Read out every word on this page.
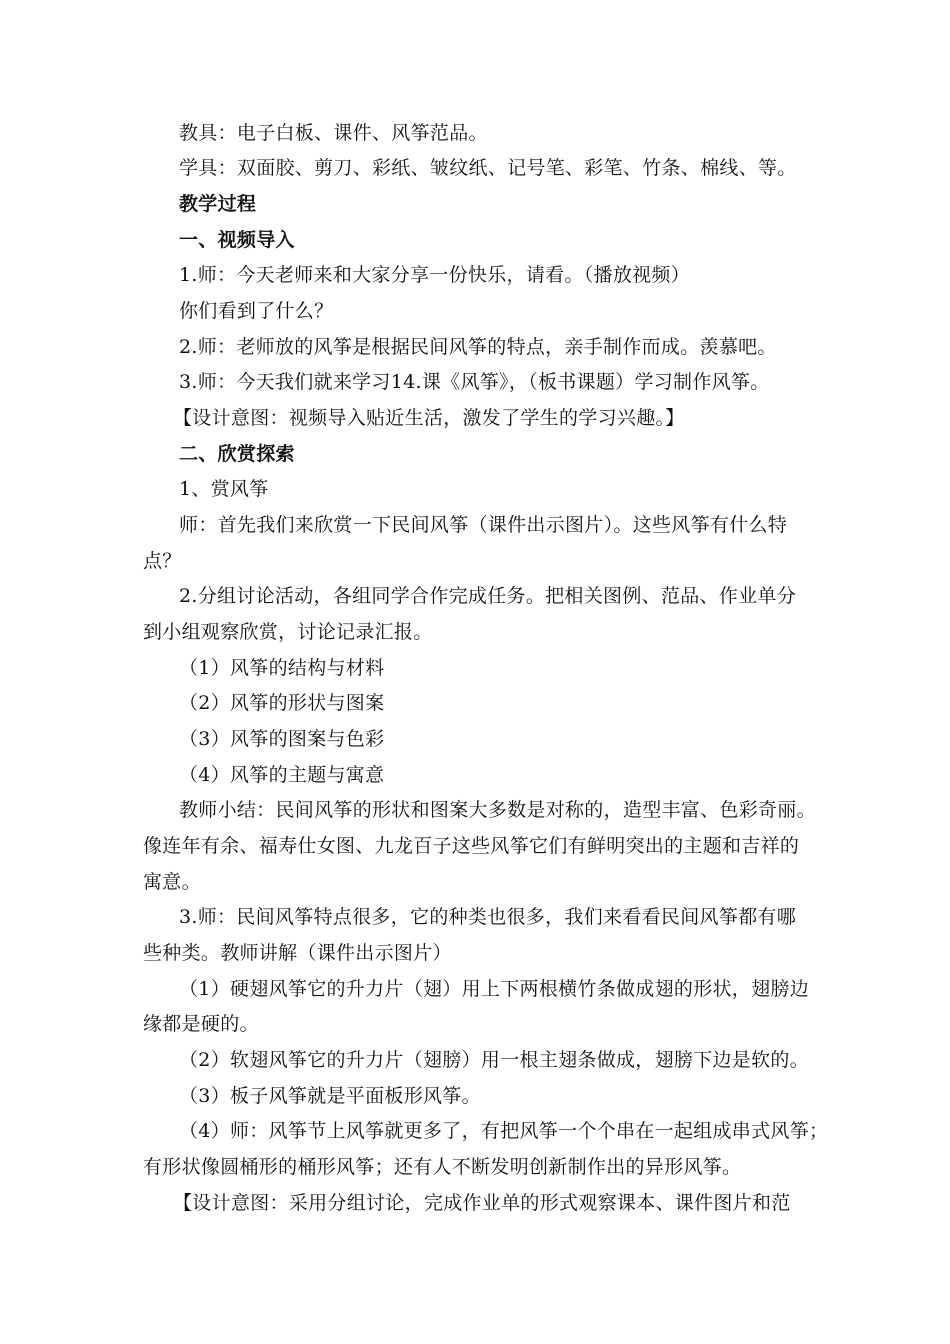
教具：电子白板、课件、风筝范品。
学具：双面胶、剪刀、彩纸、皱纹纸、记号笔、彩笔、竹条、棉线、等。
教学过程
一、视频导入
1.师：今天老师来和大家分享一份快乐，请看。（播放视频）
你们看到了什么？
2.师：老师放的风筝是根据民间风筝的特点，亲手制作而成。羡慕吧。
3.师：今天我们就来学习14.课《风筝》，（板书课题）学习制作风筝。
【设计意图：视频导入贴近生活，激发了学生的学习兴趣。】
二、欣赏探索
1、赏风筝
师：首先我们来欣赏一下民间风筝（课件出示图片）。这些风筝有什么特
点？
2.分组讨论活动，各组同学合作完成任务。把相关图例、范品、作业单分
到小组观察欣赏，讨论记录汇报。
（1）风筝的结构与材料
（2）风筝的形状与图案
（3）风筝的图案与色彩
（4）风筝的主题与寓意
教师小结：民间风筝的形状和图案大多数是对称的，造型丰富、色彩奇丽。
像连年有余、福寿仕女图、九龙百子这些风筝它们有鲜明突出的主题和吉祥的
寓意。
3.师：民间风筝特点很多，它的种类也很多，我们来看看民间风筝都有哪
些种类。教师讲解（课件出示图片）
（1）硬翅风筝它的升力片（翅）用上下两根横竹条做成翅的形状，翅膀边
缘都是硬的。
（2）软翅风筝它的升力片（翅膀）用一根主翅条做成，翅膀下边是软的。
（3）板子风筝就是平面板形风筝。
（4）师：风筝节上风筝就更多了，有把风筝一个个串在一起组成串式风筝；
有形状像圆桶形的桶形风筝；还有人不断发明创新制作出的异形风筝。
【设计意图：采用分组讨论，完成作业单的形式观察课本、课件图片和范
